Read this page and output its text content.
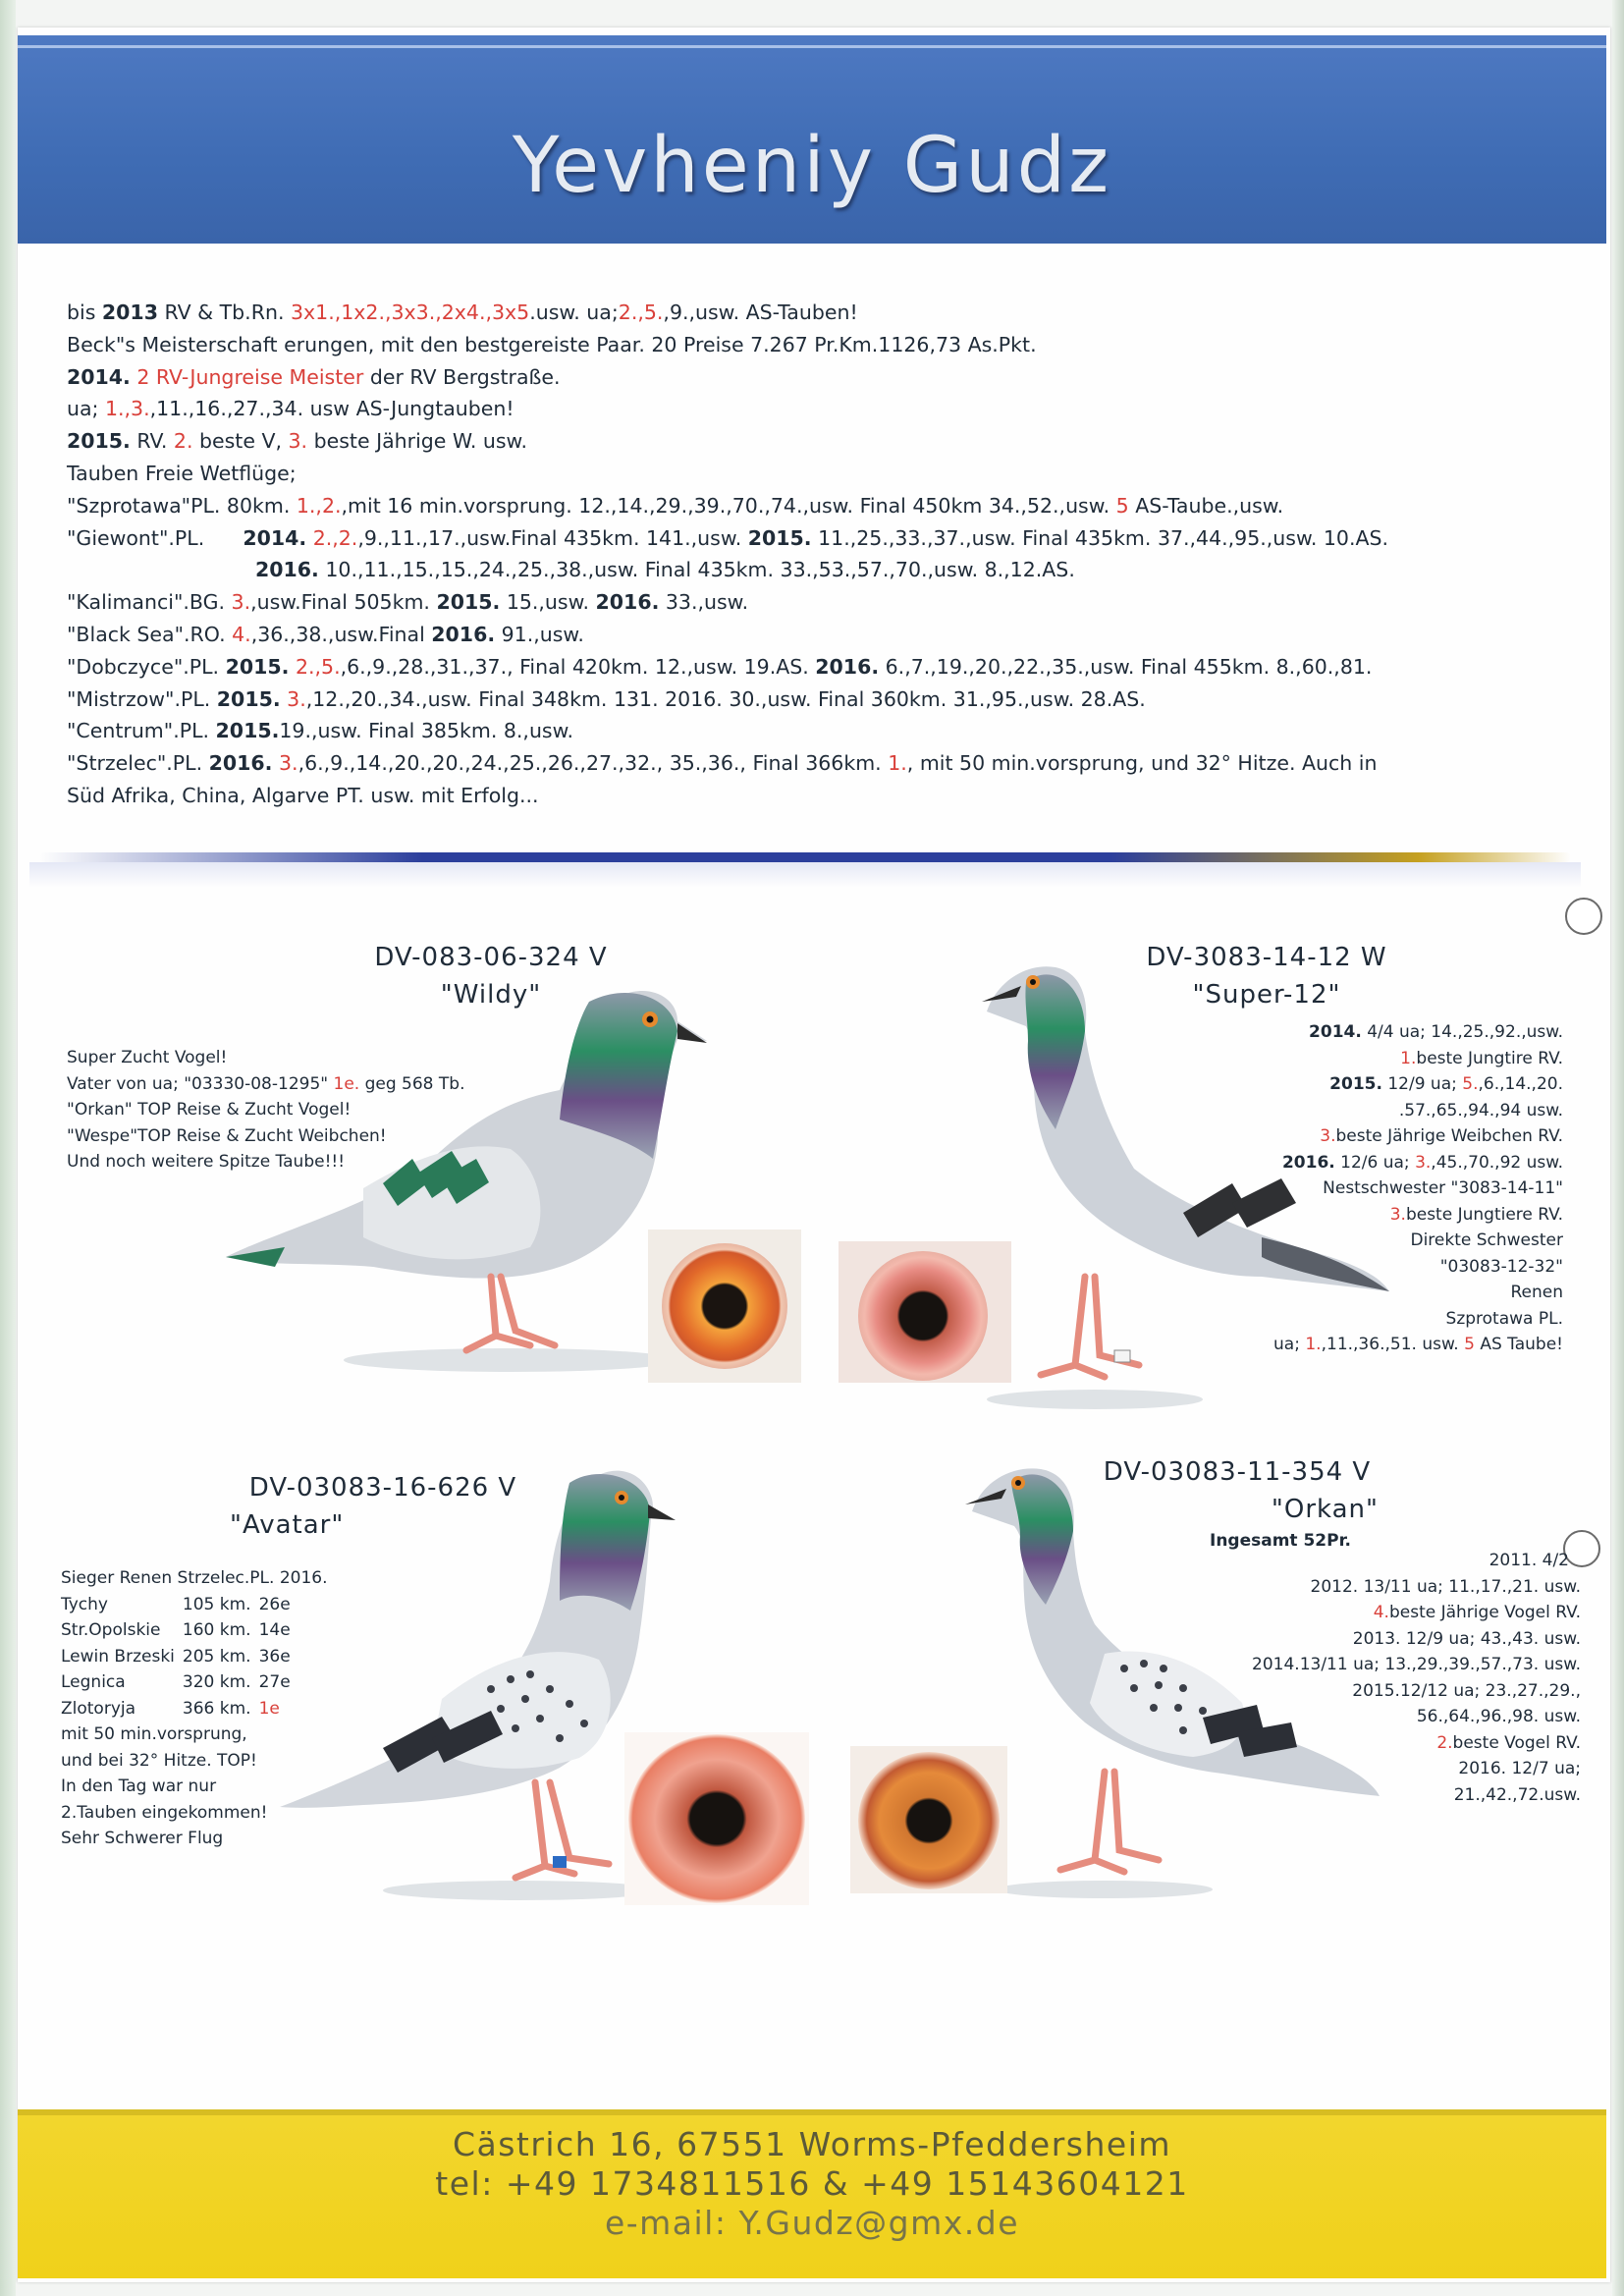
Yevheniy Gudz
bis 2013 RV & Tb.Rn. 3x1.,1x2.,3x3.,2x4.,3x5.usw. ua;2.,5.,9.,usw. AS-Tauben!
Beck"s Meisterschaft erungen, mit den bestgereiste Paar. 20 Preise 7.267 Pr.Km.1126,73 As.Pkt.
2014. 2 RV-Jungreise Meister der RV Bergstraße.
ua; 1.,3.,11.,16.,27.,34. usw AS-Jungtauben!
2015. RV. 2. beste V, 3. beste Jährige W. usw.
Tauben Freie Wetflüge;
"Szprotawa"PL. 80km. 1.,2.,mit 16 min.vorsprung. 12.,14.,29.,39.,70.,74.,usw. Final 450km 34.,52.,usw. 5 AS-Taube.,usw.
"Giewont".PL.      2014. 2.,2.,9.,11.,17.,usw.Final 435km. 141.,usw. 2015. 11.,25.,33.,37.,usw. Final 435km. 37.,44.,95.,usw. 10.AS.
2016. 10.,11.,15.,15.,24.,25.,38.,usw. Final 435km. 33.,53.,57.,70.,usw. 8.,12.AS.
"Kalimanci".BG. 3.,usw.Final 505km. 2015. 15.,usw. 2016. 33.,usw.
"Black Sea".RO. 4.,36.,38.,usw.Final 2016. 91.,usw.
"Dobczyce".PL. 2015. 2.,5.,6.,9.,28.,31.,37., Final 420km. 12.,usw. 19.AS. 2016. 6.,7.,19.,20.,22.,35.,usw. Final 455km. 8.,60.,81.
"Mistrzow".PL. 2015. 3.,12.,20.,34.,usw. Final 348km. 131. 2016. 30.,usw. Final 360km. 31.,95.,usw. 28.AS.
"Centrum".PL. 2015.19.,usw. Final 385km. 8.,usw.
"Strzelec".PL. 2016. 3.,6.,9.,14.,20.,20.,24.,25.,26.,27.,32., 35.,36., Final 366km. 1., mit 50 min.vorsprung, und 32° Hitze. Auch in
Süd Afrika, China, Algarve PT. usw. mit Erfolg...
DV-083-06-324 V
"Wildy"
Super Zucht Vogel!
Vater von ua; "03330-08-1295" 1e. geg 568 Tb.
"Orkan" TOP Reise & Zucht Vogel!
"Wespe"TOP Reise & Zucht Weibchen!
Und noch weitere Spitze Taube!!!
DV-3083-14-12 W
"Super-12"
2014. 4/4 ua; 14.,25.,92.,usw.
1.beste Jungtire RV.
2015. 12/9 ua; 5.,6.,14.,20.
.57.,65.,94.,94 usw.
3.beste Jährige Weibchen RV.
2016. 12/6 ua; 3.,45.,70.,92 usw.
Nestschwester "3083-14-11"
3.beste Jungtiere RV.
Direkte Schwester
"03083-12-32"
Renen
Szprotawa PL.
ua; 1.,11.,36.,51. usw. 5 AS Taube!
DV-03083-16-626 V
"Avatar"
Sieger Renen Strzelec.PL. 2016.
Tychy	105 km.	26e
Str.Opolskie	160 km.	14e
Lewin Brzeski	205 km.	36e
Legnica	320 km.	27e
Zlotoryja	366 km.	1e
mit 50 min.vorsprung,
und bei 32° Hitze. TOP!
In den Tag war nur
2.Tauben eingekommen!
Sehr Schwerer Flug
DV-03083-11-354 V
"Orkan"
Ingesamt 52Pr.
2011. 4/2
2012. 13/11 ua; 11.,17.,21. usw.
4.beste Jährige Vogel RV.
2013. 12/9 ua; 43.,43. usw.
2014.13/11 ua; 13.,29.,39.,57.,73. usw.
2015.12/12 ua; 23.,27.,29.,
56.,64.,96.,98. usw.
2.beste Vogel RV.
2016. 12/7 ua;
21.,42.,72.usw.
Cästrich 16, 67551 Worms-Pfeddersheim
tel: +49 1734811516 & +49 15143604121
e-mail: Y.Gudz@gmx.de
